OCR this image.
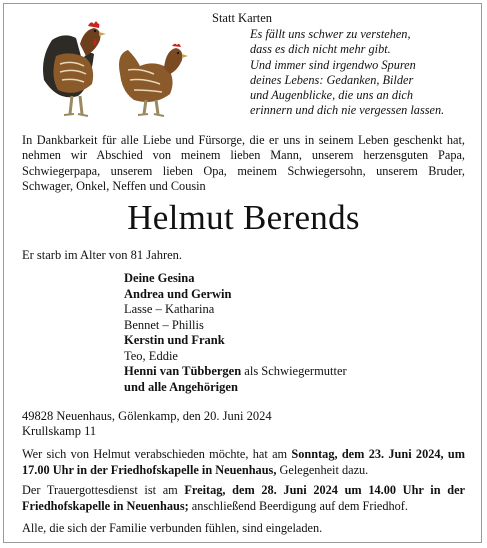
Statt Karten
Es fällt uns schwer zu verstehen,
dass es dich nicht mehr gibt.
Und immer sind irgendwo Spuren
deines Lebens: Gedanken, Bilder
und Augenblicke, die uns an dich
erinnern und dich nie vergessen lassen.
In Dankbarkeit für alle Liebe und Fürsorge, die er uns in seinem Leben geschenkt hat, nehmen wir Abschied von meinem lieben Mann, unserem herzensguten Papa, Schwiegerpapa, unserem lieben Opa, meinem Schwiegersohn, unserem Bruder, Schwager, Onkel, Neffen und Cousin
Helmut Berends
Er starb im Alter von 81 Jahren.
Deine Gesina
Andrea und Gerwin
Lasse – Katharina
Bennet – Phillis
Kerstin und Frank
Teo, Eddie
Henni van Tübbergen als Schwiegermutter
und alle Angehörigen
49828 Neuenhaus, Gölenkamp, den 20. Juni 2024
Krullskamp 11
Wer sich von Helmut verabschieden möchte, hat am Sonntag, dem 23. Juni 2024, um 17.00 Uhr in der Friedhofskapelle in Neuenhaus, Gelegenheit dazu.
Der Trauergottesdienst ist am Freitag, dem 28. Juni 2024 um 14.00 Uhr in der Friedhofskapelle in Neuenhaus; anschließend Beerdigung auf dem Friedhof.
Alle, die sich der Familie verbunden fühlen, sind eingeladen.
